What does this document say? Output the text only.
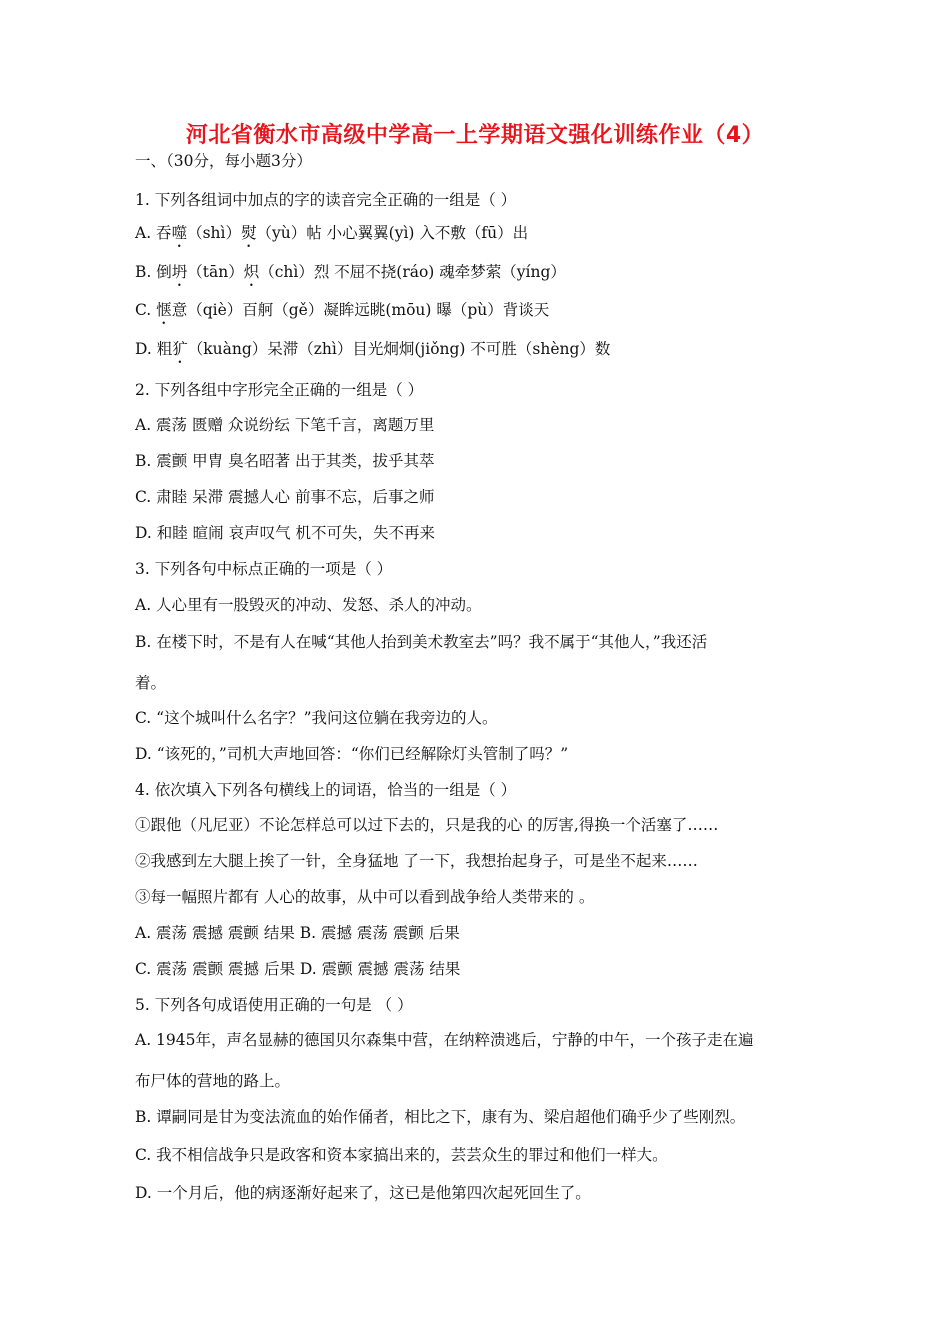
河北省衡水市高级中学高一上学期语文强化训练作业（4）
一、（30分，每小题3分）
1. 下列各组词中加点的字的读音完全正确的一组是（ ）
A. 吞噬（shì）熨（yù）帖 小心翼翼(yì) 入不敷（fū）出
B. 倒坍（tān）炽（chì）烈 不屈不挠(ráo) 魂牵梦萦（yíng）
C. 惬意（qiè）百舸（gě）凝眸远眺(mōu) 曝（pù）背谈天
D. 粗犷（kuàng）呆滞（zhì）目光炯炯(jiǒng) 不可胜（shèng）数
2. 下列各组中字形完全正确的一组是（ ）
A. 震荡 匮赠 众说纷纭 下笔千言，离题万里
B. 震颤 甲胄 臭名昭著 出于其类，拔乎其萃
C. 肃睦 呆滞 震撼人心 前事不忘，后事之师
D. 和睦 暄闹 哀声叹气 机不可失，失不再来
3. 下列各句中标点正确的一项是（ ）
A. 人心里有一股毁灭的冲动、发怒、杀人的冲动。
B. 在楼下时，不是有人在喊“其他人抬到美术教室去”吗？我不属于“其他人，”我还活
着。
C. “这个城叫什么名字？”我问这位躺在我旁边的人。
D. “该死的，”司机大声地回答：“你们已经解除灯头管制了吗？”
4. 依次填入下列各句横线上的词语，恰当的一组是（ ）
①跟他（凡尼亚）不论怎样总可以过下去的，只是我的心 的厉害,得换一个活塞了……
②我感到左大腿上挨了一针，全身猛地 了一下，我想抬起身子，可是坐不起来……
③每一幅照片都有 人心的故事，从中可以看到战争给人类带来的 。
A. 震荡 震撼 震颤 结果 B. 震撼 震荡 震颤 后果
C. 震荡 震颤 震撼 后果 D. 震颤 震撼 震荡 结果
5. 下列各句成语使用正确的一句是 （ ）
A. 1945年，声名显赫的德国贝尔森集中营，在纳粹溃逃后，宁静的中午，一个孩子走在遍
布尸体的营地的路上。
B. 谭嗣同是甘为变法流血的始作俑者，相比之下，康有为、梁启超他们确乎少了些刚烈。
C. 我不相信战争只是政客和资本家搞出来的，芸芸众生的罪过和他们一样大。
D. 一个月后，他的病逐渐好起来了，这已是他第四次起死回生了。
